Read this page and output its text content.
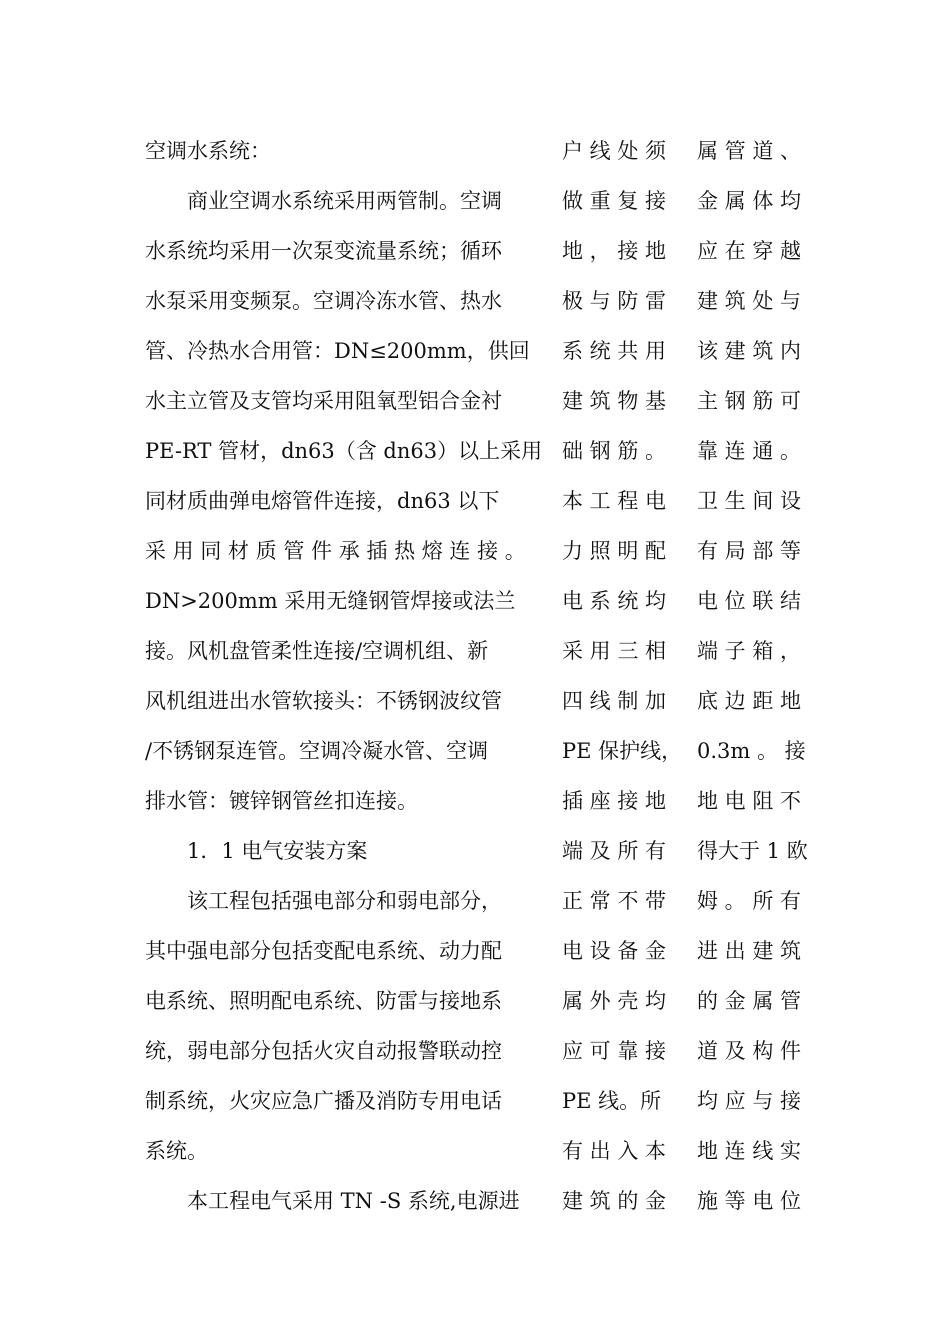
空调水系统：
商业空调水系统采用两管制。空调
水系统均采用一次泵变流量系统；循环
水泵采用变频泵。空调冷冻水管、热水
管、冷热水合用管：DN≤200mm，供回
水主立管及支管均采用阻氧型铝合金衬
PE-RT 管材，dn63（含 dn63）以上采用
同材质曲弹电熔管件连接，dn63 以下
采 用 同 材 质 管 件 承 插 热 熔 连 接 。
DN>200mm 采用无缝钢管焊接或法兰
接。风机盘管柔性连接/空调机组、新
风机组进出水管软接头：不锈钢波纹管
/不锈钢泵连管。空调冷凝水管、空调
排水管：镀锌钢管丝扣连接。
1．1 电气安装方案
该工程包括强电部分和弱电部分，
其中强电部分包括变配电系统、动力配
电系统、照明配电系统、防雷与接地系
统，弱电部分包括火灾自动报警联动控
制系统，火灾应急广播及消防专用电话
系统。
本工程电气采用 TN -S 系统,电源进
户 线 处 须
做 重 复 接
地 ， 接 地
极 与 防 雷
系 统 共 用
建 筑 物 基
础 钢 筋 。
本 工 程 电
力 照 明 配
电 系 统 均
采 用 三 相
四 线 制 加
PE 保护线，
插 座 接 地
端 及 所 有
正 常 不 带
电 设 备 金
属 外 壳 均
应 可 靠 接
PE 线。所
有 出 入 本
建 筑 的 金
属 管 道 、
金 属 体 均
应 在 穿 越
建 筑 处 与
该 建 筑 内
主 钢 筋 可
靠 连 通 。
卫 生 间 设
有 局 部 等
电 位 联 结
端 子 箱 ，
底 边 距 地
0.3m 。 接
地 电 阻 不
得大于 1 欧
姆 。 所 有
进 出 建 筑
的 金 属 管
道 及 构 件
均 应 与 接
地 连 线 实
施 等 电 位
